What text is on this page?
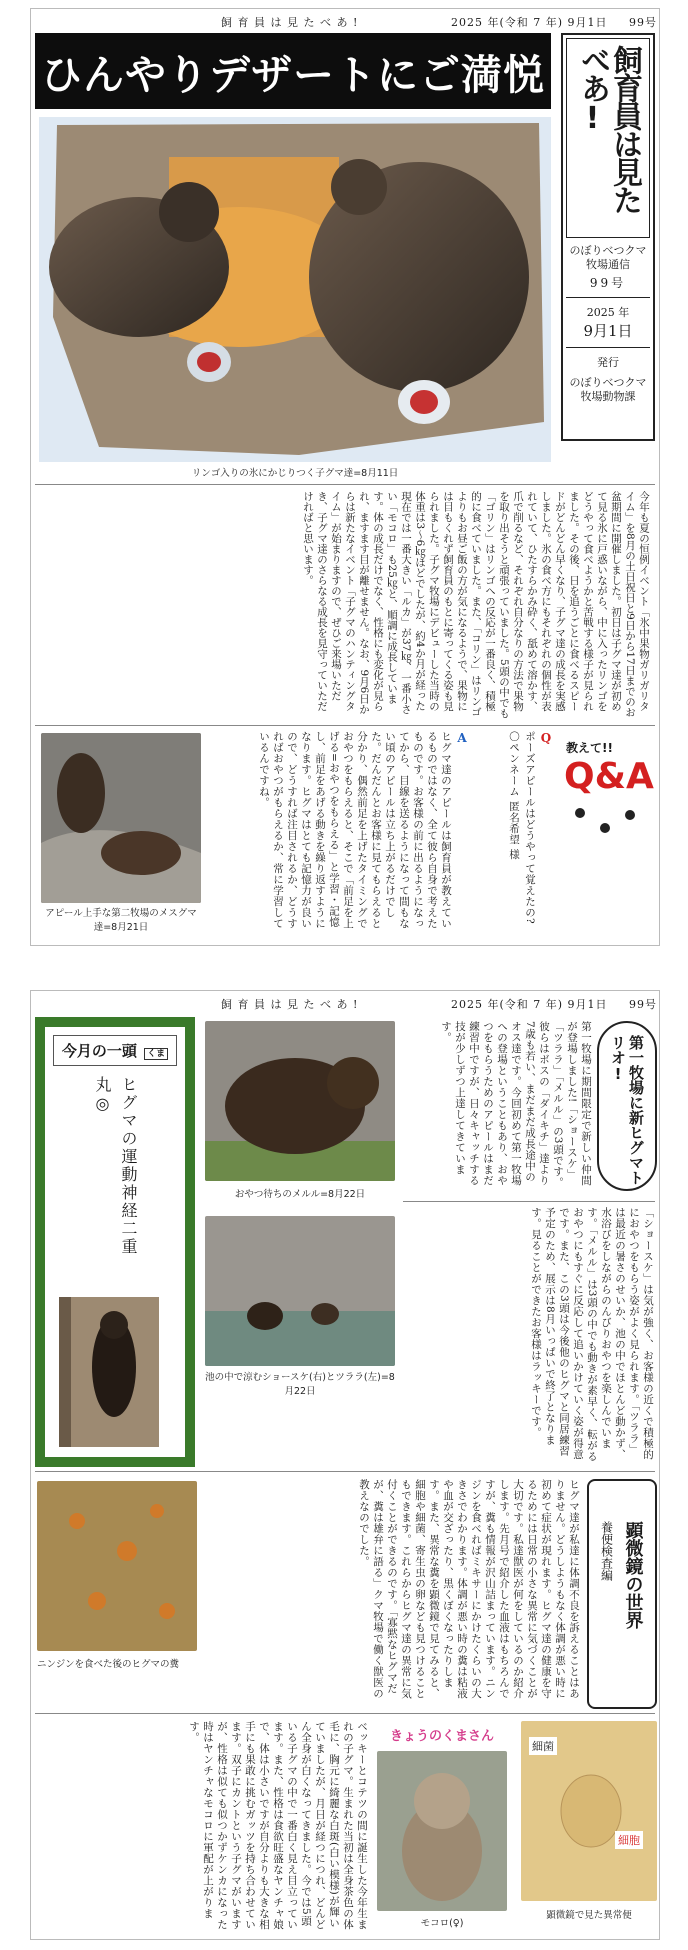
飼 育 員 は 見 た べ あ !	2025 年(令和 7 年) 9月1日 99号
ひんやりデザートにご満悦	飼育員は見たべあ!
のぼりべつクマ牧場通信
99号
2025 年
9月1日
発行
のぼりべつクマ牧場動物課
リンゴ入りの氷にかじりつく子グマ達=8月11日
今年も夏の恒例イベント「氷中果物ガリガリタイム」を8月の土日祝日と9日から17日までのお盆期間に開催しました。初日は子グマ達が初めて見る氷に戸惑いながら、中に入ったリンゴをどうやって食べようかと苦戦する様子が見られました。その後、日を追うごとに食べるスピードがどんどん早くなり、子グマ達の成長を実感しました。氷の食べ方にもそれぞれの個性が表れていて、ひたすらかみ砕く、舐めて溶かす、爪で削るなど、それぞれ自分なりの方法で果物を取り出そうと頑張っていました。5頭の中でも「ゴリン」はリンゴへの反応が一番良く、積極的に食べていました。また、「コリン」はリンゴよりもお昼ご飯の方が気になるようで、果物には目もくれず飼育員のもとに寄ってくる姿も見られました。子グマ牧場にデビューした当時の体重は3～6㎏ほどでしたが、約4か月が経った現在では一番大きい「ルカ」が37㎏、一番小さい「モコロ」も25㎏と、順調に成長しています。体の成長だけでなく、性格にも変化が見られ、ますます目が離せません。なお、9月6日からは新たなイベント「子グマのハンティングタイム」が始まりますので、ぜひご来場いただき、子グマ達のさらなる成長を見守っていただければと思います。
教えて!!
Q&A
Q
ポーズアピールはどうやって覚えたの?
〇ペンネーム 匿名希望 様
A
ヒグマ達のアピールは飼育員が教えているものではなく、全て彼ら自身で考えたものです。お客様の前に出るようになってから、目線を送るようになって間もない頃のアピールは立ち上がるだけでした。だんだんとお客様に見てもらえると分かり、偶然前足を上げたタイミングでおやつをもらえると、そこで「前足を上げる=おやつをもらえる」と学習・記憶し、前足をあげる動きを繰り返すようになります。ヒグマはとても記憶力が良いので、どうすれば注目されるか、どうすればおやつがもらえるか、常に学習しているんですね。
アピール上手な第二牧場のメスグマ達=8月21日
飼 育 員 は 見 た べ あ !	2025 年(令和 7 年) 9月1日 99号
今月の一頭 くま
ヒグマの運動神経二重丸◎
おやつ待ちのメルル=8月22日
池の中で涼むショースケ(右)とツララ(左)=8月22日
第一牧場に新ヒグマトリオ!
第一牧場に期間限定で新しい仲間が登場しました!「ショースケ」「ツララ」「メルル」の3頭です。彼らはボスの「ダイキチ」達より7歳も若い、まだまだ成長途中のオス達です。今回初めて第一牧場への登場ということもあり、おやつをもらうためのアピールはまだ練習中ですが、日々キャッチする技が少しずつ上達してきています。
「ショースケ」は気が強く、お客様の近くで積極的におやつをもらう姿がよく見られます。「ツララ」は最近の暑さのせいか、池の中でほとんど動かず、水浴びをしながらのんびりおやつを楽しんでいます。「メルル」は3頭の中でも動きが素早く、転がるおやつにもすぐに反応して追いかけていく姿が得意です。また、この3頭は今後他のヒグマと同居練習予定のため、展示は8月いっぱいで終了となります。見ることができたお客様はラッキーです。
顕微鏡の世界
養便検査編
ヒグマ達が私達に体調不良を訴えることはありません。どうしようもなく体調が悪い時に初めて症状が現れます。ヒグマ達の健康を守るためには日常の小さな異常に気づくことが大切です。私達獣医が何をしているのか紹介します。先月号で紹介した血液はもちろんですが、糞も情報が沢山詰まっています。ニンジンを食べればミキサーにかけたくらいの大きさでわかります。体調が悪い時の糞は粘液や血が交ざったり、黒くぼくなったりします。また、異常な糞を顕微鏡で見てみると、細胞や細菌、寄生虫の卵なども見つけることもできます。これらからヒグマ達の異常に気付くことができるのです。「寡黙なヒグマだが、糞は雄弁に語る」クマ牧場で働く獣医の教えなのでした。
ニンジンを食べた後のヒグマの糞
細菌
細胞
顕微鏡で見た異常便
きょうのくまさん
モコロ(♀)
ベッキーとコテツの間に誕生した今年生まれの子グマ。生まれた当初は全身茶色の体毛に、胸元に綺麗な白斑(白い模様)が輝いていましたが、月日が経つにつれ、どんどん全身が白くなってきました。今では5頭いる子グマの中で一番白く見え目立っています。また、性格は食欲旺盛なヤンチャ娘で、体は小さいですが自分よりも大きな相手にも果敢に挑むガッツを持ち合わせています。双子にカントという子グマがいますが、性格は似ても似つかずケンカになった時はヤンチャなモコロに軍配が上がります。
